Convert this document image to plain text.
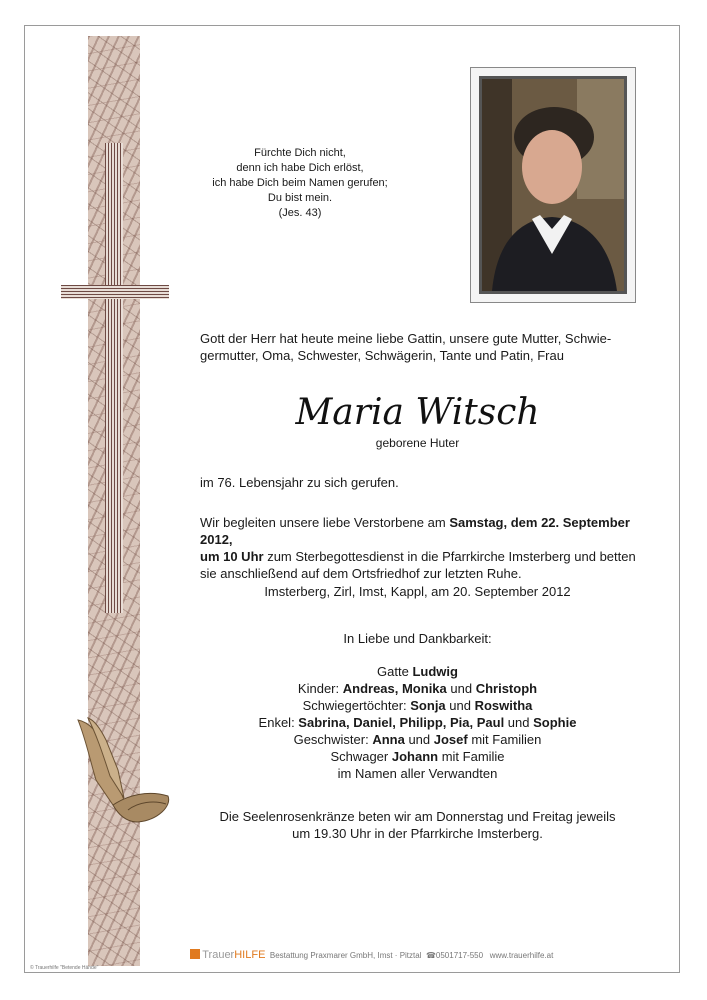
Fürchte Dich nicht,
denn ich habe Dich erlöst,
ich habe Dich beim Namen gerufen;
Du bist mein.
(Jes. 43)
Gott der Herr hat heute meine liebe Gattin, unsere gute Mutter, Schwie-
germutter, Oma, Schwester, Schwägerin, Tante und Patin, Frau
Maria Witsch
geborene Huter
im 76. Lebensjahr zu sich gerufen.
Wir begleiten unsere liebe Verstorbene am Samstag, dem 22. September 2012,
um 10 Uhr zum Sterbegottesdienst in die Pfarrkirche Imsterberg und betten
sie anschließend auf dem Ortsfriedhof zur letzten Ruhe.
Imsterberg, Zirl, Imst, Kappl, am 20. September 2012
In Liebe und Dankbarkeit:
Gatte Ludwig
Kinder: Andreas, Monika und Christoph
Schwiegertöchter: Sonja und Roswitha
Enkel: Sabrina, Daniel, Philipp, Pia, Paul und Sophie
Geschwister: Anna und Josef mit Familien
Schwager Johann mit Familie
im Namen aller Verwandten
Die Seelenrosenkränze beten wir am Donnerstag und Freitag jeweils
um 19.30 Uhr in der Pfarrkirche Imsterberg.
TrauerHILFE Bestattung Praxmarer GmbH, Imst · Pitztal ☎0501717-550 www.trauerhilfe.at
© Trauerhilfe "Betende Hände"
